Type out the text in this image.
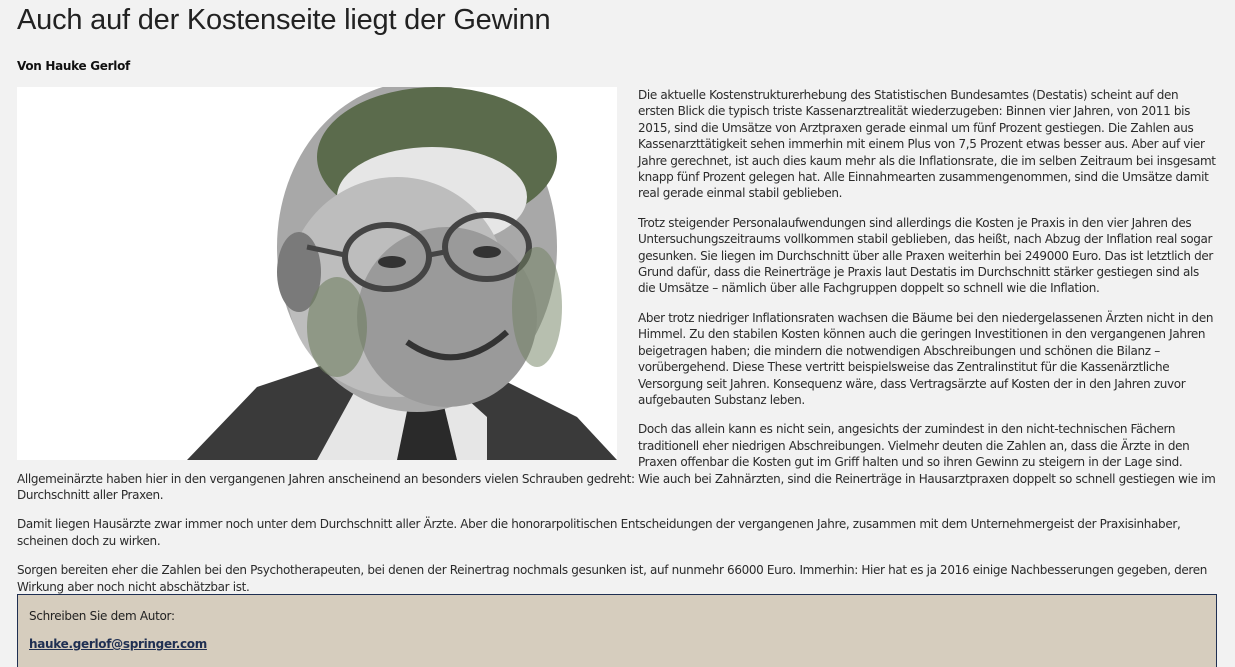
Auch auf der Kostenseite liegt der Gewinn
Von Hauke Gerlof

Die aktuelle Kostenstrukturerhebung des Statistischen Bundesamtes (Destatis) scheint auf den ersten Blick die typisch triste Kassenarztrealität wiederzugeben: Binnen vier Jahren, von 2011 bis 2015, sind die Umsätze von Arztpraxen gerade einmal um fünf Prozent gestiegen. Die Zahlen aus Kassenarzttätigkeit sehen immerhin mit einem Plus von 7,5 Prozent etwas besser aus. Aber auf vier Jahre gerechnet, ist auch dies kaum mehr als die Inflationsrate, die im selben Zeitraum bei insgesamt knapp fünf Prozent gelegen hat. Alle Einnahmearten zusammengenommen, sind die Umsätze damit real gerade einmal stabil geblieben.

Trotz steigender Personalaufwendungen sind allerdings die Kosten je Praxis in den vier Jahren des Untersuchungszeitraums vollkommen stabil geblieben, das heißt, nach Abzug der Inflation real sogar gesunken. Sie liegen im Durchschnitt über alle Praxen weiterhin bei 249000 Euro. Das ist letztlich der Grund dafür, dass die Reinerträge je Praxis laut Destatis im Durchschnitt stärker gestiegen sind als die Umsätze – nämlich über alle Fachgruppen doppelt so schnell wie die Inflation.

Aber trotz niedriger Inflationsraten wachsen die Bäume bei den niedergelassenen Ärzten nicht in den Himmel. Zu den stabilen Kosten können auch die geringen Investitionen in den vergangenen Jahren beigetragen haben; die mindern die notwendigen Abschreibungen und schönen die Bilanz – vorübergehend. Diese These vertritt beispielsweise das Zentralinstitut für die Kassenärztliche Versorgung seit Jahren. Konsequenz wäre, dass Vertragsärzte auf Kosten der in den Jahren zuvor aufgebauten Substanz leben.

Doch das allein kann es nicht sein, angesichts der zumindest in den nicht-technischen Fächern traditionell eher niedrigen Abschreibungen. Vielmehr deuten die Zahlen an, dass die Ärzte in den Praxen offenbar die Kosten gut im Griff halten und so ihren Gewinn zu steigern in der Lage sind. Allgemeinärzte haben hier in den vergangenen Jahren anscheinend an besonders vielen Schrauben gedreht: Wie auch bei Zahnärzten, sind die Reinerträge in Hausarztpraxen doppelt so schnell gestiegen wie im Durchschnitt aller Praxen.

Damit liegen Hausärzte zwar immer noch unter dem Durchschnitt aller Ärzte. Aber die honorarpolitischen Entscheidungen der vergangenen Jahre, zusammen mit dem Unternehmergeist der Praxisinhaber, scheinen doch zu wirken.

Sorgen bereiten eher die Zahlen bei den Psychotherapeuten, bei denen der Reinertrag nochmals gesunken ist, auf nunmehr 66000 Euro. Immerhin: Hier hat es ja 2016 einige Nachbesserungen gegeben, deren Wirkung aber noch nicht abschätzbar ist.

Schreiben Sie dem Autor:
hauke.gerlof@springer.com
